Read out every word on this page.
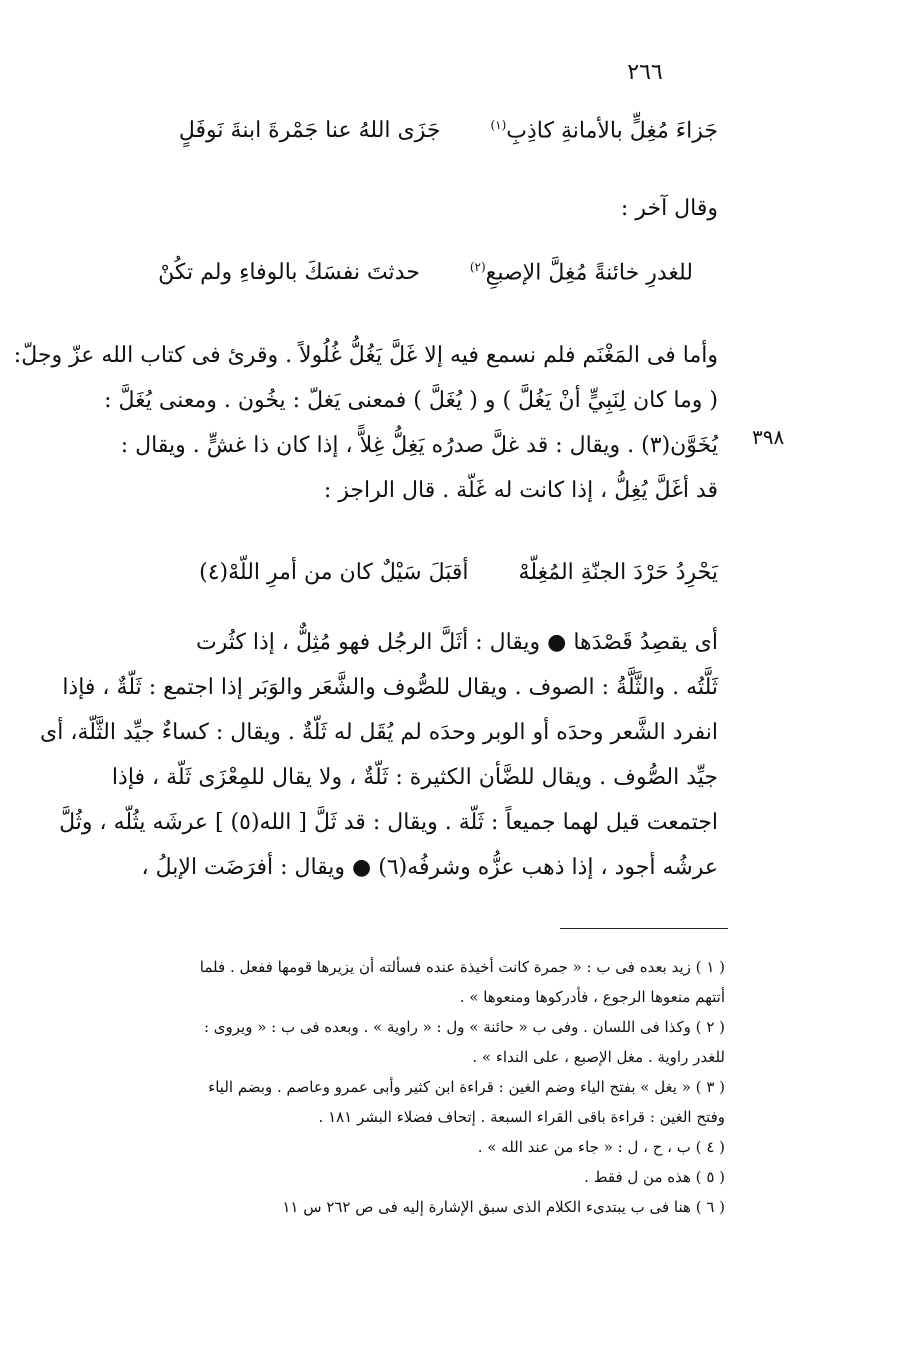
٢٦٦
٣٩٨
جَزَى اللهُ عنا جَمْرةَ ابنةَ نَوفَلٍ	جَزاءَ مُغِلٍّ بالأمانةِ كاذِبِ$^{(١)}$
وقال آخر :
حدثتَ نفسَكَ بالوفاءِ ولم تكُنْ	للغدرِ خائنةً مُغِلَّ الإصبعِ$^{(٢)}$
وأما فى المَغْنَم فلم نسمع فيه إلا غَلَّ يَغُلُّ غُلُولاً . وقرئ فى كتاب الله عزّ وجلّ:
( وما كان لِنَبِيٍّ أنْ يَغُلَّ ) و ( يُغَلَّ ) فمعنى يَغلّ : يخُون . ومعنى يُغَلَّ :
يُخَوَّن(٣) . ويقال : قد غلَّ صدرُه يَغِلُّ غِلاًّ ، إذا كان ذا غشٍّ . ويقال :
قد أغَلَّ يُغِلُّ ، إذا كانت له غَلّة . قال الراجز :
أقبَلَ سَيْلٌ كان من أمرِ اللّهْ(٤) يَحْرِدُ حَرْدَ الجنّةِ المُغِلّهْ
أى يقصِدُ قَصْدَها ● ويقال : أثَلَّ الرجُل فهو مُثِلٌّ ، إذا كثُرت
ثَلَّتُه . والثَّلَّةُ : الصوف . ويقال للصُّوف والشَّعَر والوَبَر إذا اجتمع : ثَلّةٌ ، فإذا
انفرد الشَّعر وحدَه أو الوبر وحدَه لم يُقَل له ثَلّةٌ . ويقال : كساءٌ جيِّد الثَّلّة، أى
جيِّد الصُّوف . ويقال للضَّأن الكثيرة : ثَلّةٌ ، ولا يقال للمِعْزَى ثَلّة ، فإذا
اجتمعت قيل لهما جميعاً : ثَلّة . ويقال : قد ثَلَّ [ الله(٥) ] عرشَه يثُلّه ، وثُلَّ
عرشُه أجود ، إذا ذهب عزُّه وشرفُه(٦) ● ويقال : أفرَضَت الإبلُ ،
( ١ ) زيد بعده فى ب : « جمرة كانت أخيذة عنده فسألته أن يزيرها قومها ففعل . فلما
أتتهم منعوها الرجوع ، فأدركوها ومنعوها » .
( ٢ ) وكذا فى اللسان . وفى ب « حائنة » ول : « راوية » . وبعده فى ب : « ويروى :
للغدر راوية . مغل الإصبع ، على النداء » .
( ٣ ) « يغل » بفتح الياء وضم الغين : قراءة ابن كثير وأبى عمرو وعاصم . وبضم الياء
وفتح الغين : قراءة باقى القراء السبعة . إتحاف فضلاء البشر ١٨١ .
( ٤ ) ب ، ح ، ل : « جاء من عند الله » .
( ٥ ) هذه من ل فقط .
( ٦ ) هنا فى ب يبتدىء الكلام الذى سبق الإشارة إليه فى ص ٢٦٢ س ١١
